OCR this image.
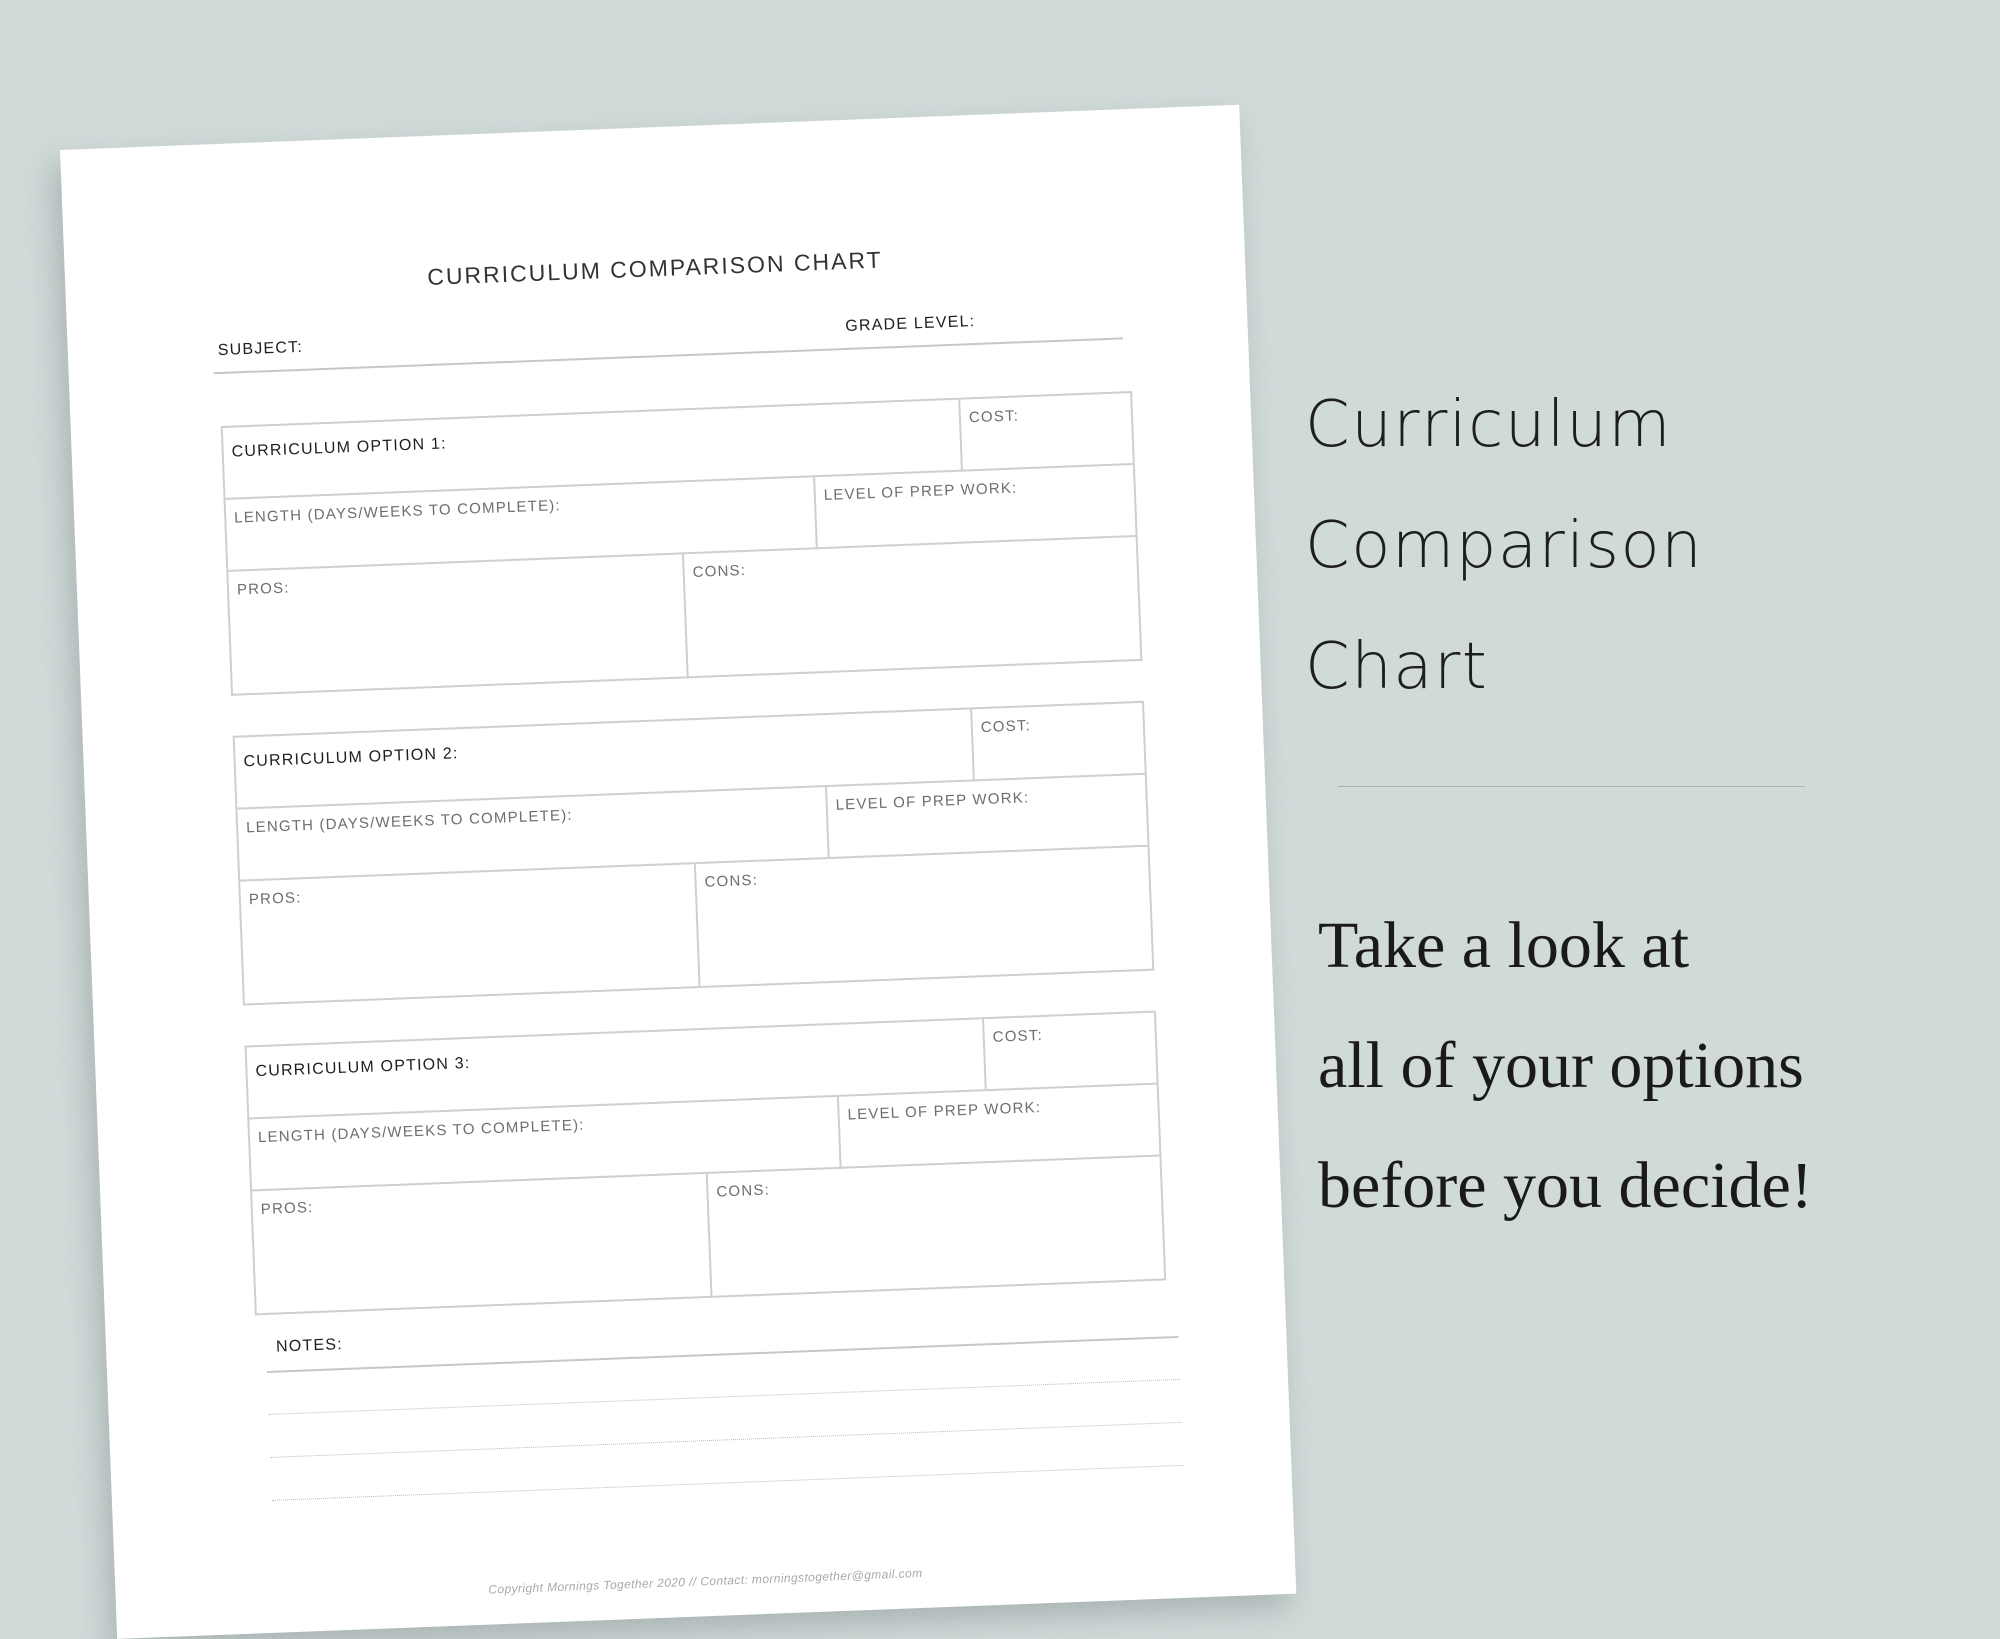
CURRICULUM COMPARISON CHART
SUBJECT:
GRADE LEVEL:
CURRICULUM OPTION 1:
COST:
LENGTH (DAYS/WEEKS TO COMPLETE):
LEVEL OF PREP WORK:
PROS:
CONS:
CURRICULUM OPTION 2:
COST:
LENGTH (DAYS/WEEKS TO COMPLETE):
LEVEL OF PREP WORK:
PROS:
CONS:
CURRICULUM OPTION 3:
COST:
LENGTH (DAYS/WEEKS TO COMPLETE):
LEVEL OF PREP WORK:
PROS:
CONS:
NOTES:
Copyright Mornings Together 2020 // Contact: morningstogether@gmail.com
Curriculum
Comparison
Chart
Take a look at
all of your options
before you decide!
